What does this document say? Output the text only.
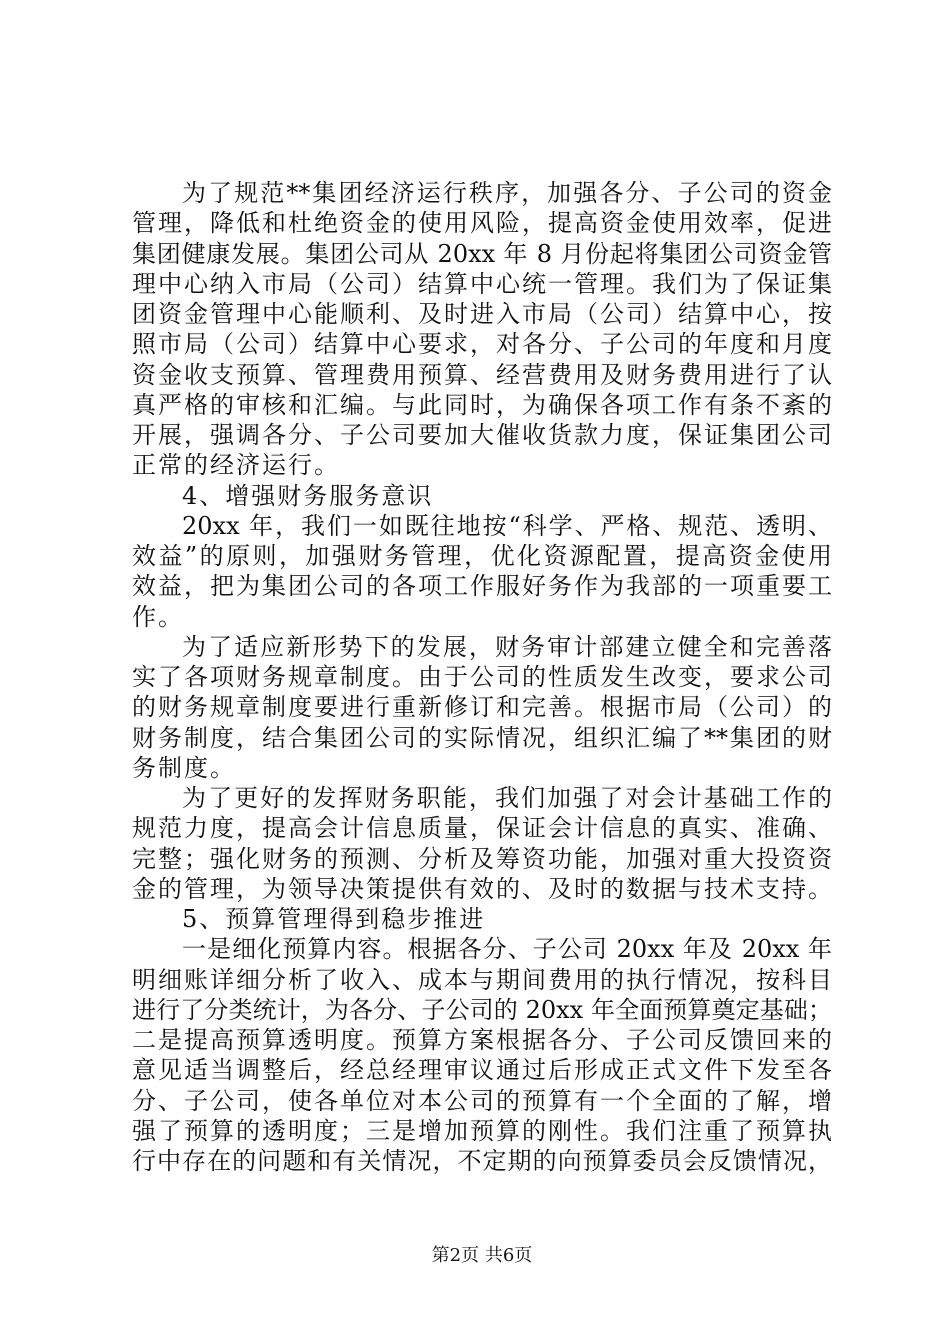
为了规范**集团经济运行秩序，加强各分、子公司的资金
管理，降低和杜绝资金的使用风险，提高资金使用效率，促进
集团健康发展。集团公司从 20xx 年 8 月份起将集团公司资金管
理中心纳入市局（公司）结算中心统一管理。我们为了保证集
团资金管理中心能顺利、及时进入市局（公司）结算中心，按
照市局（公司）结算中心要求，对各分、子公司的年度和月度
资金收支预算、管理费用预算、经营费用及财务费用进行了认
真严格的审核和汇编。与此同时，为确保各项工作有条不紊的
开展，强调各分、子公司要加大催收货款力度，保证集团公司
正常的经济运行。
4、增强财务服务意识
20xx 年，我们一如既往地按“科学、严格、规范、透明、
效益”的原则，加强财务管理，优化资源配置，提高资金使用
效益，把为集团公司的各项工作服好务作为我部的一项重要工
作。
为了适应新形势下的发展，财务审计部建立健全和完善落
实了各项财务规章制度。由于公司的性质发生改变，要求公司
的财务规章制度要进行重新修订和完善。根据市局（公司）的
财务制度，结合集团公司的实际情况，组织汇编了**集团的财
务制度。
为了更好的发挥财务职能，我们加强了对会计基础工作的
规范力度，提高会计信息质量，保证会计信息的真实、准确、
完整；强化财务的预测、分析及筹资功能，加强对重大投资资
金的管理，为领导决策提供有效的、及时的数据与技术支持。
5、预算管理得到稳步推进
一是细化预算内容。根据各分、子公司 20xx 年及 20xx 年
明细账详细分析了收入、成本与期间费用的执行情况，按科目
进行了分类统计，为各分、子公司的 20xx 年全面预算奠定基础；
二是提高预算透明度。预算方案根据各分、子公司反馈回来的
意见适当调整后，经总经理审议通过后形成正式文件下发至各
分、子公司，使各单位对本公司的预算有一个全面的了解，增
强了预算的透明度；三是增加预算的刚性。我们注重了预算执
行中存在的问题和有关情况，不定期的向预算委员会反馈情况，
第2页 共6页
